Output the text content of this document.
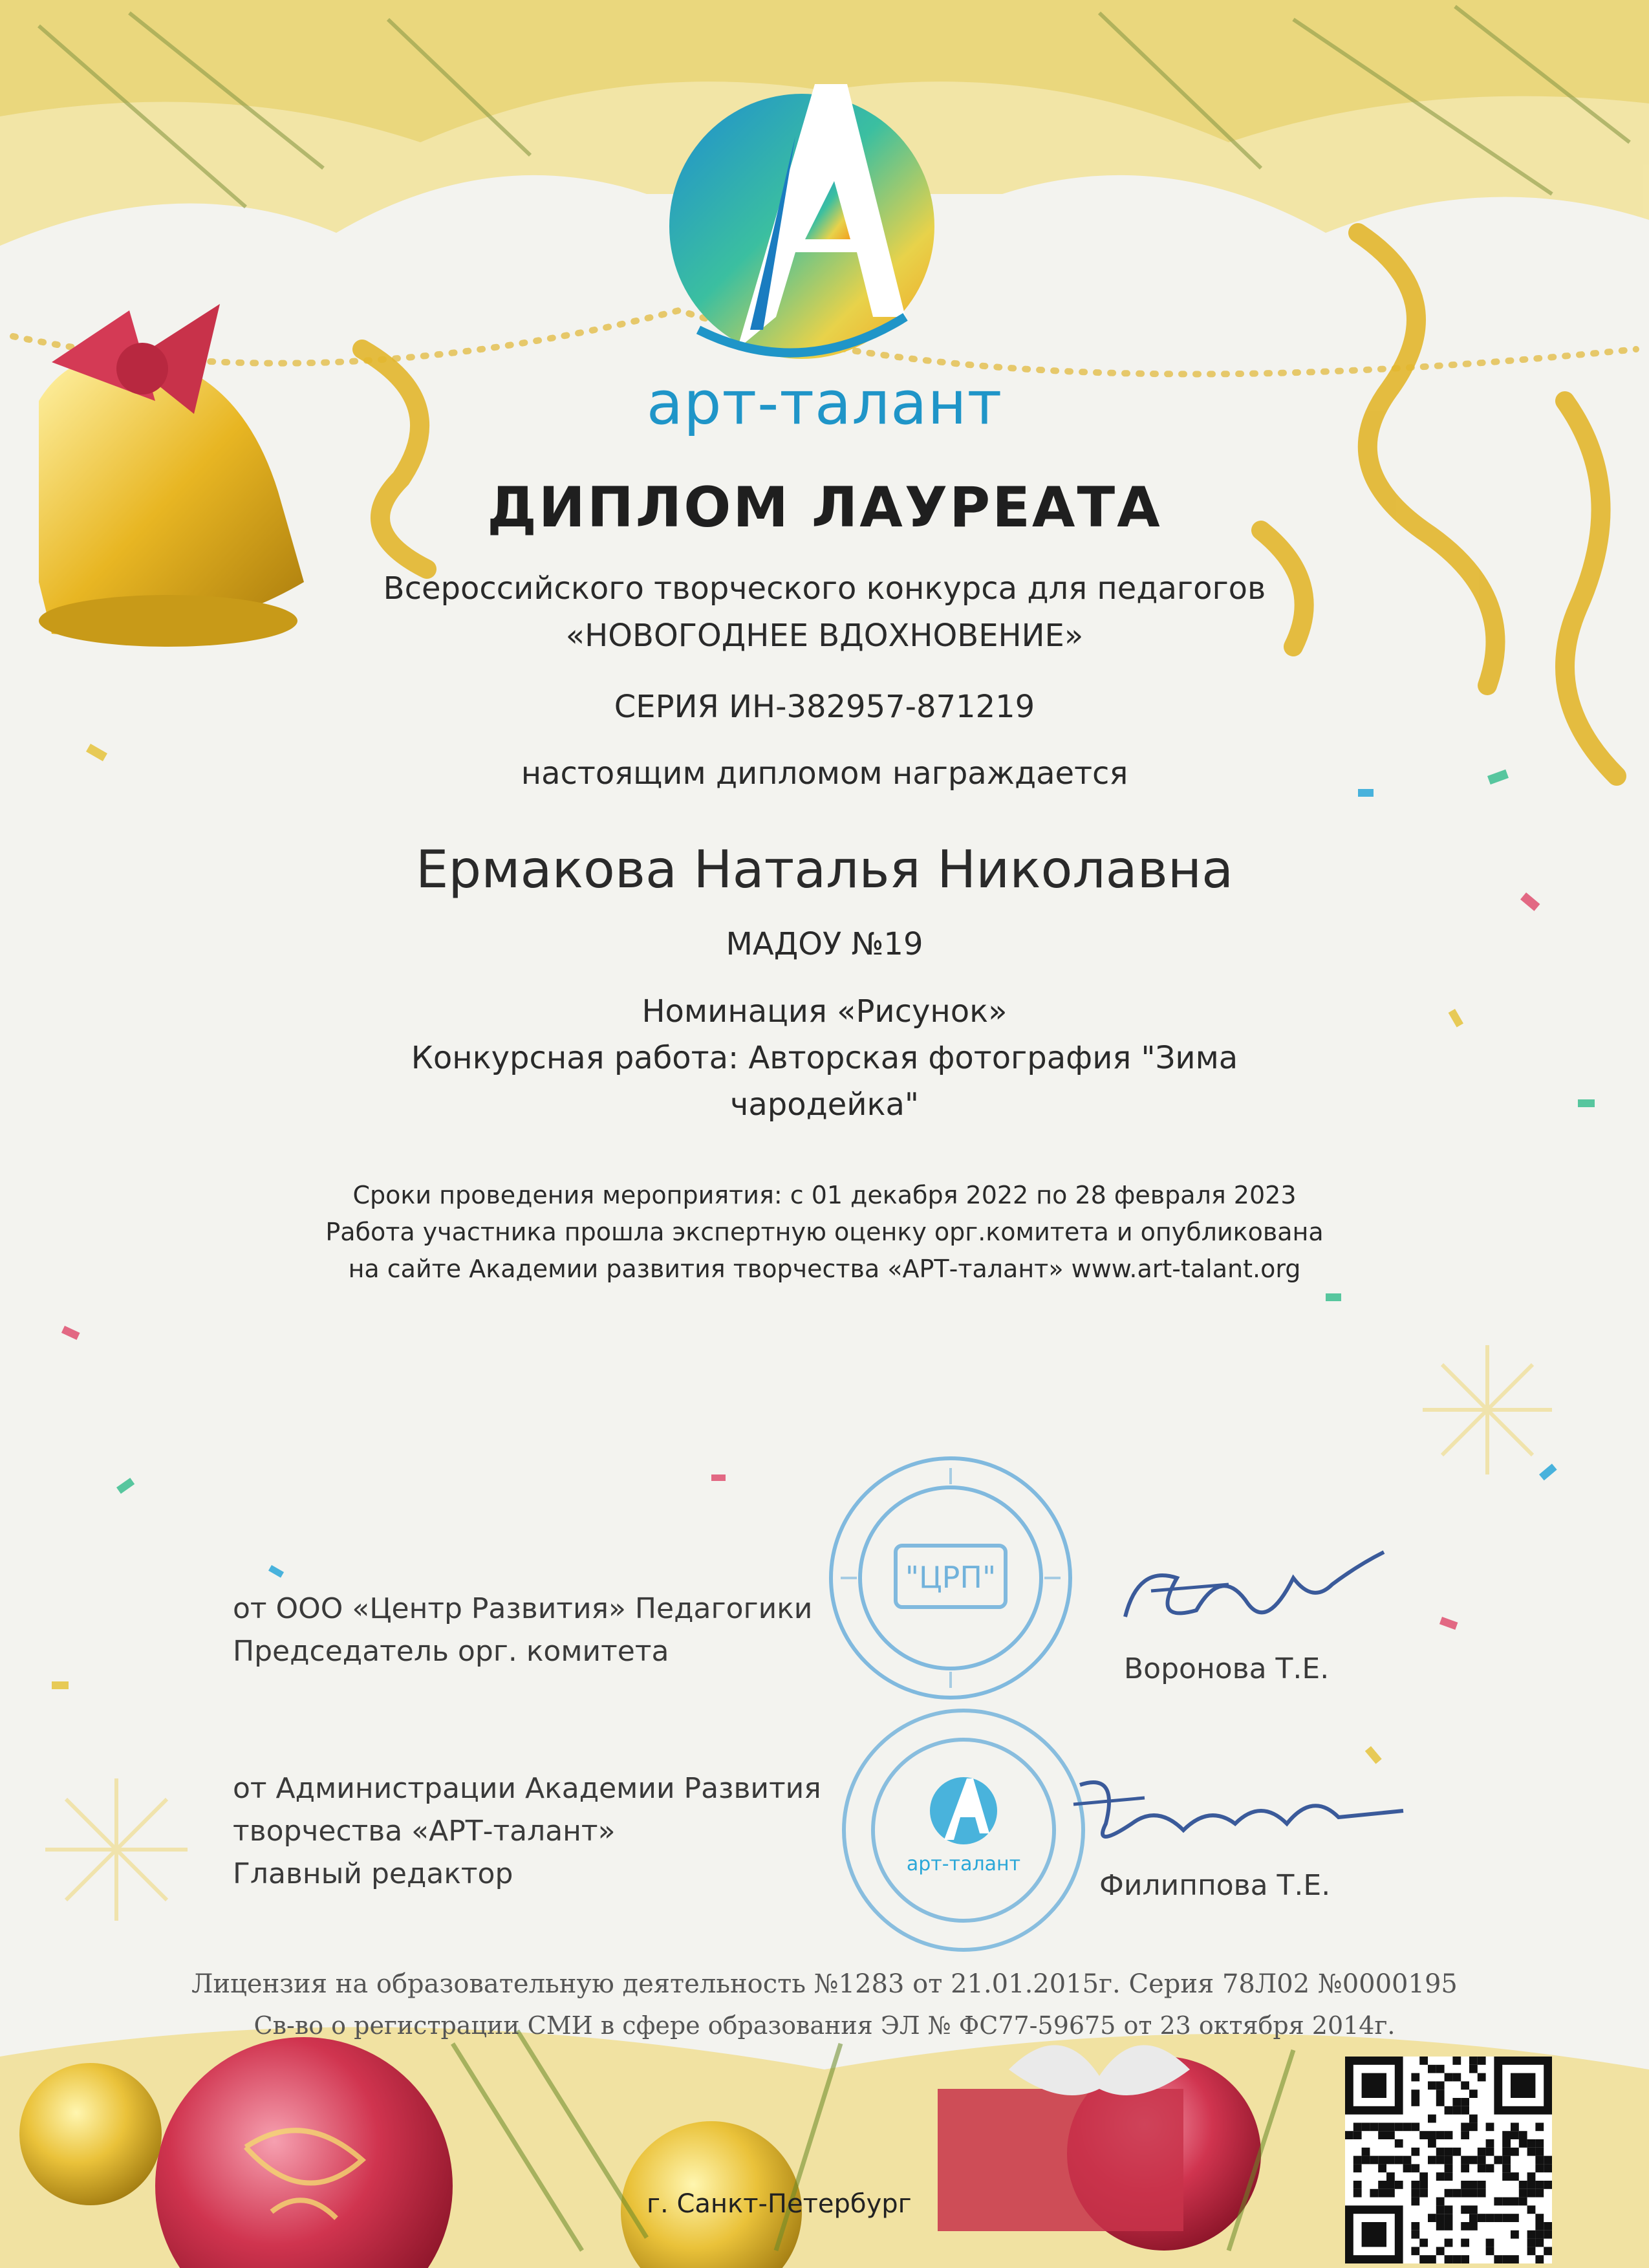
арт-талант
ДИПЛОМ ЛАУРЕАТА
Всероссийского творческого конкурса для педагогов
«НОВОГОДНЕЕ ВДОХНОВЕНИЕ»
СЕРИЯ ИН-382957-871219
настоящим дипломом награждается
Ермакова Наталья Николавна
МАДОУ №19
Номинация «Рисунок»
Конкурсная работа: Авторская фотография "Зима
чародейка"
Сроки проведения мероприятия: с 01 декабря 2022 по 28 февраля 2023
Работа участника прошла экспертную оценку орг.комитета и опубликована
на сайте Академии развития творчества «АРТ-талант» www.art-talant.org
"ЦРП"
арт-талант
от ООО «Центр Развития» Педагогики
Председатель орг. комитета
Воронова Т.Е.
от Администрации Академии Развития
творчества «АРТ-талант»
Главный редактор	Филиппова Т.Е.
Лицензия на образовательную деятельность №1283 от 21.01.2015г. Серия 78Л02 №0000195
Св-во о регистрации СМИ в сфере образования ЭЛ № ФС77-59675 от 23 октября 2014г.
г. Санкт-Петербург
